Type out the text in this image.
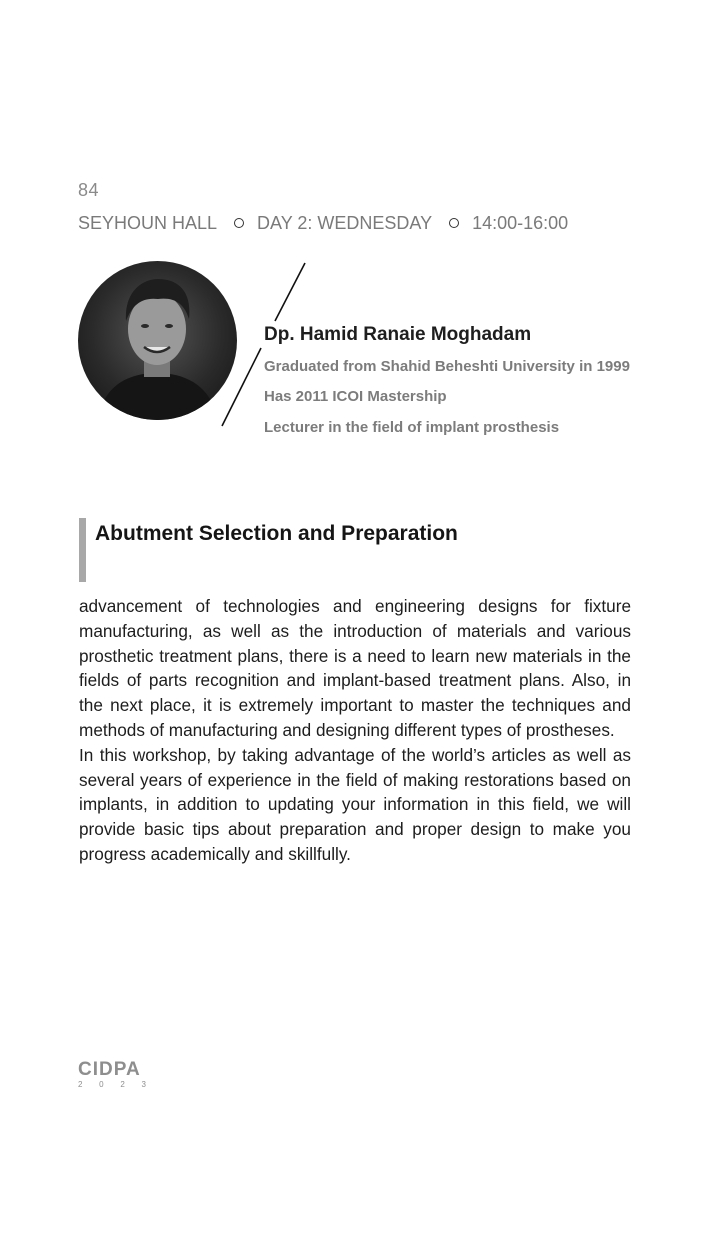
84
SEYHOUN HALL DAY 2: WEDNESDAY 14:00-16:00
Dp. Hamid Ranaie Moghadam
Graduated from Shahid Beheshti University in 1999
Has 2011 ICOI Mastership
Lecturer in the field of implant prosthesis
Abutment Selection and Preparation

advancement of technologies and engineering designs for fixture manufacturing, as well as the introduction of materials and various prosthetic treatment plans, there is a need to learn new materials in the fields of parts recognition and implant-based treatment plans. Also, in the next place, it is extremely important to master the techniques and methods of manufacturing and designing different types of prostheses.

In this workshop, by taking advantage of the world’s articles as well as several years of experience in the field of making restorations based on implants, in addition to updating your information in this field, we will provide basic tips about preparation and proper design to make you progress academically and skillfully.

CIDPA
2 0 2 3
